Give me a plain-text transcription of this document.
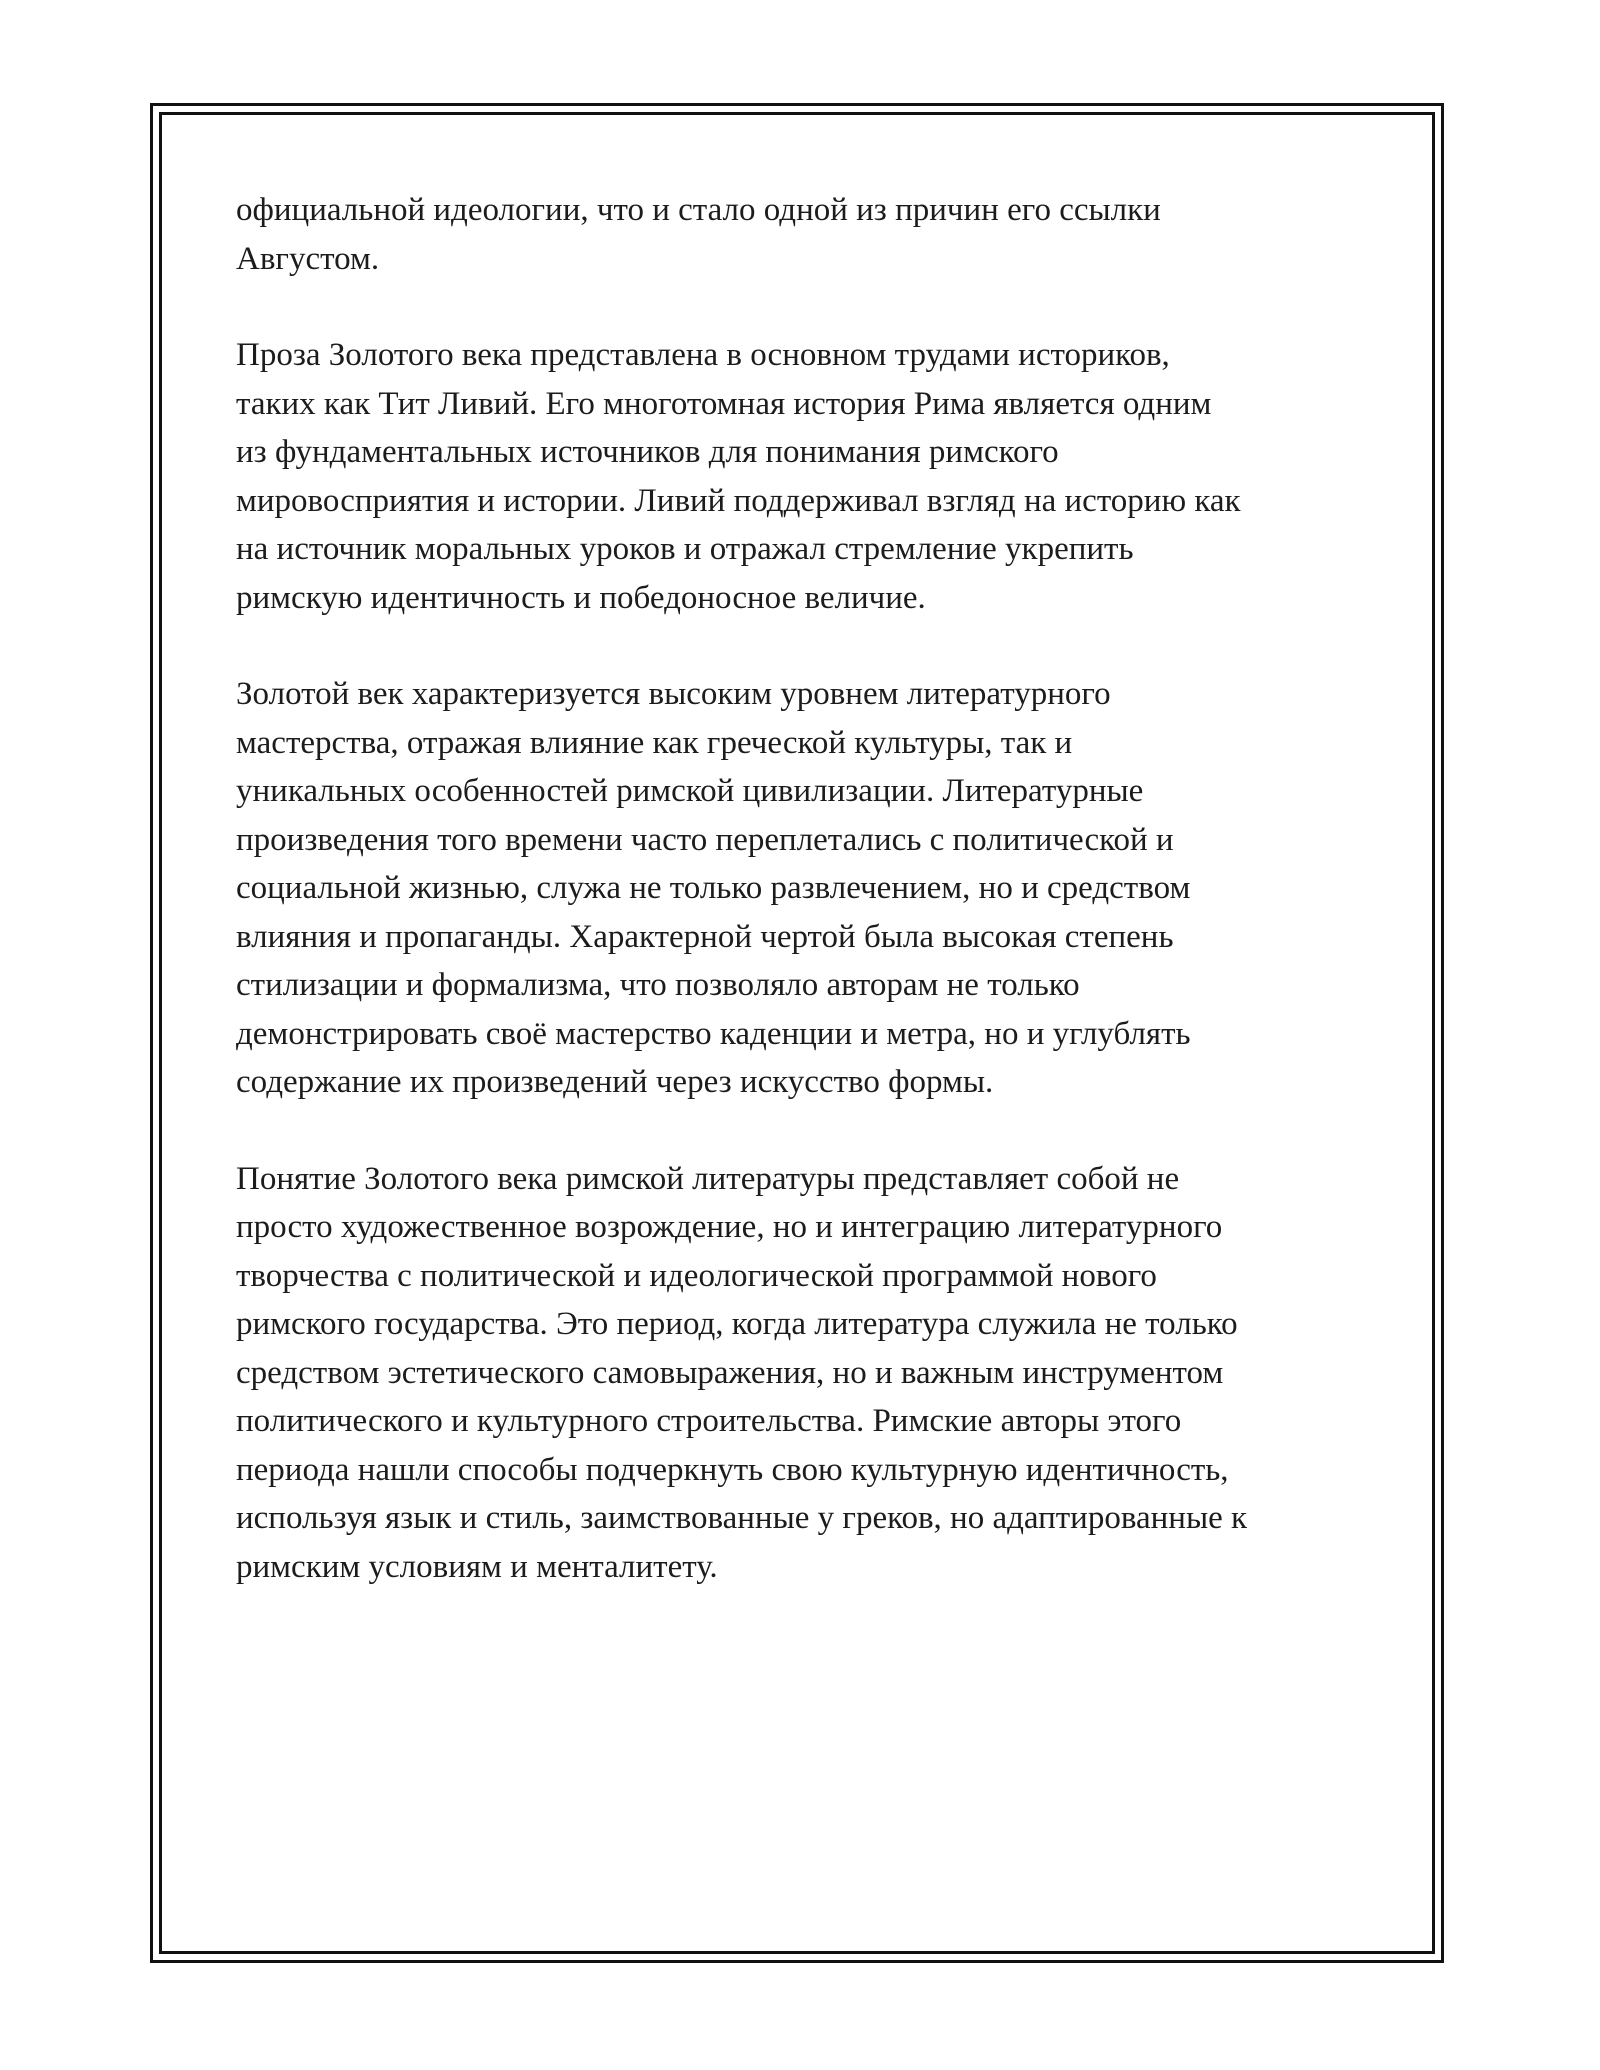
официальной идеологии, что и стало одной из причин его ссылки
Августом.

Проза Золотого века представлена в основном трудами историков,
таких как Тит Ливий. Его многотомная история Рима является одним
из фундаментальных источников для понимания римского
мировосприятия и истории. Ливий поддерживал взгляд на историю как
на источник моральных уроков и отражал стремление укрепить
римскую идентичность и победоносное величие.

Золотой век характеризуется высоким уровнем литературного
мастерства, отражая влияние как греческой культуры, так и
уникальных особенностей римской цивилизации. Литературные
произведения того времени часто переплетались с политической и
социальной жизнью, служа не только развлечением, но и средством
влияния и пропаганды. Характерной чертой была высокая степень
стилизации и формализма, что позволяло авторам не только
демонстрировать своё мастерство каденции и метра, но и углублять
содержание их произведений через искусство формы.

Понятие Золотого века римской литературы представляет собой не
просто художественное возрождение, но и интеграцию литературного
творчества с политической и идеологической программой нового
римского государства. Это период, когда литература служила не только
средством эстетического самовыражения, но и важным инструментом
политического и культурного строительства. Римские авторы этого
периода нашли способы подчеркнуть свою культурную идентичность,
используя язык и стиль, заимствованные у греков, но адаптированные к
римским условиям и менталитету.
